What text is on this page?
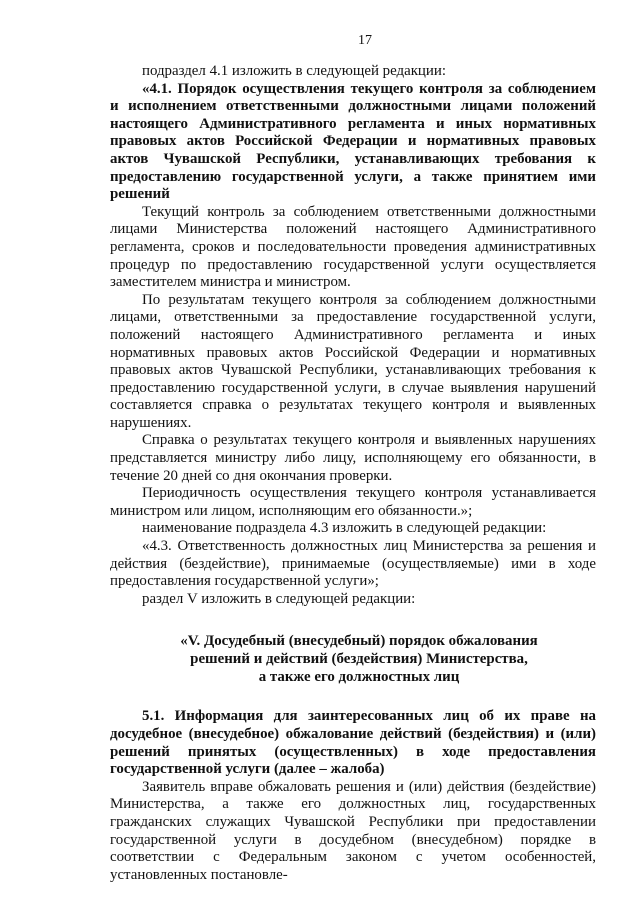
17

подраздел 4.1 изложить в следующей редакции:

«4.1. Порядок осуществления текущего контроля за соблюдением и исполнением ответственными должностными лицами положений настоящего Административного регламента и иных нормативных правовых актов Российской Федерации и нормативных правовых актов Чувашской Республики, устанавливающих требования к предоставлению государственной услуги, а также принятием ими решений

Текущий контроль за соблюдением ответственными должностными лицами Министерства положений настоящего Административного регламента, сроков и последовательности проведения административных процедур по предоставлению государственной услуги осуществляется заместителем министра и министром.

По результатам текущего контроля за соблюдением должностными лицами, ответственными за предоставление государственной услуги, положений настоящего Административного регламента и иных нормативных правовых актов Российской Федерации и нормативных правовых актов Чувашской Республики, устанавливающих требования к предоставлению государственной услуги, в случае выявления нарушений составляется справка о результатах текущего контроля и выявленных нарушениях.

Справка о результатах текущего контроля и выявленных нарушениях представляется министру либо лицу, исполняющему его обязанности, в течение 20 дней со дня окончания проверки.

Периодичность осуществления текущего контроля устанавливается министром или лицом, исполняющим его обязанности.»;

наименование подраздела 4.3 изложить в следующей редакции:

«4.3. Ответственность должностных лиц Министерства за решения и действия (бездействие), принимаемые (осуществляемые) ими в ходе предоставления государственной услуги»;

раздел V изложить в следующей редакции:

«V. Досудебный (внесудебный) порядок обжалования
решений и действий (бездействия) Министерства,
а также его должностных лиц

5.1. Информация для заинтересованных лиц об их праве на досудебное (внесудебное) обжалование действий (бездействия) и (или) решений принятых (осуществленных) в ходе предоставления государственной услуги (далее – жалоба)

Заявитель вправе обжаловать решения и (или) действия (бездействие) Министерства, а также его должностных лиц, государственных гражданских служащих Чувашской Республики при предоставлении государственной услуги в досудебном (внесудебном) порядке в соответствии с Федеральным законом с учетом особенностей, установленных постановле-
